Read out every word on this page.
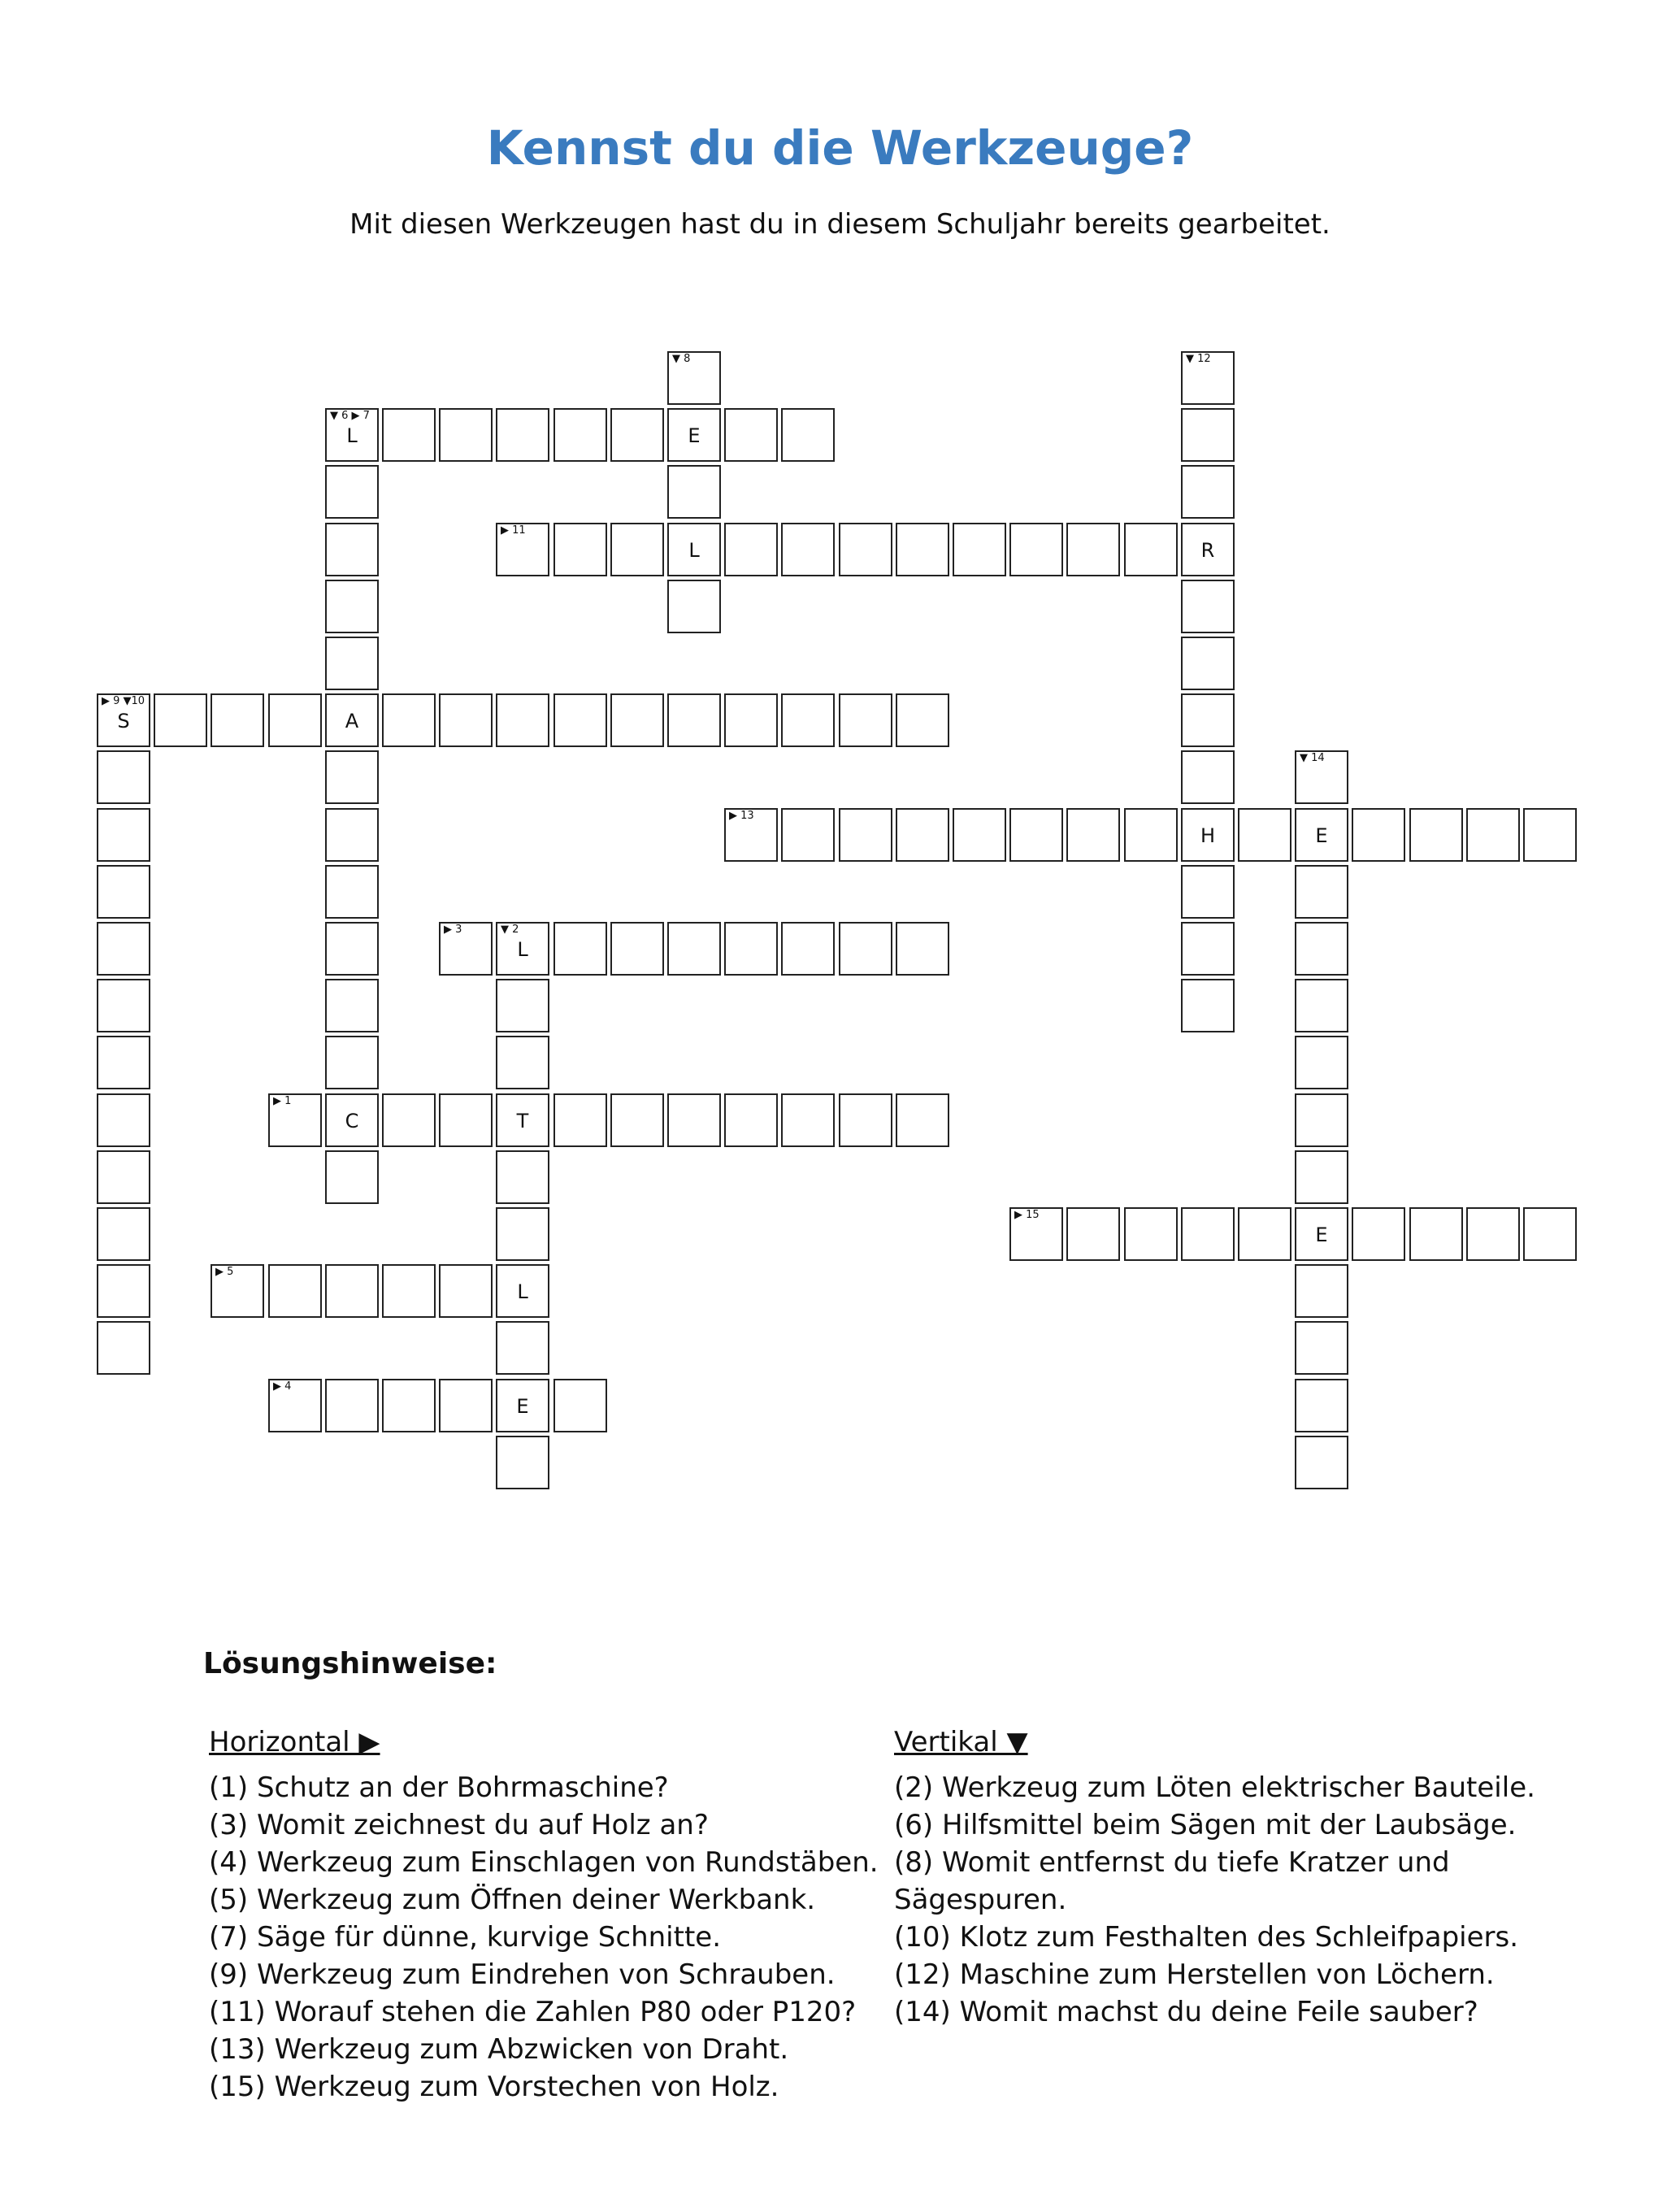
Kennst du die Werkzeuge?
Mit diesen Werkzeugen hast du in diesem Schuljahr bereits gearbeitet.
▼ 8	▼ 12
▼ 6 ▶ 7
L	E
▶ 11
L	R
▶ 9 ▼10
S	A
▼ 14
▶ 13
H	E
▶ 3	▼ 2
L
▶ 1
C	T
▶ 15
E
▶ 5
L
▶ 4
E
Lösungshinweise:
Horizontal ▶
(1) Schutz an der Bohrmaschine?
(3) Womit zeichnest du auf Holz an?
(4) Werkzeug zum Einschlagen von Rundstäben.
(5) Werkzeug zum Öffnen deiner Werkbank.
(7) Säge für dünne, kurvige Schnitte.
(9) Werkzeug zum Eindrehen von Schrauben.
(11) Worauf stehen die Zahlen P80 oder P120?
(13) Werkzeug zum Abzwicken von Draht.
(15) Werkzeug zum Vorstechen von Holz.
Vertikal ▼
(2) Werkzeug zum Löten elektrischer Bauteile.
(6) Hilfsmittel beim Sägen mit der Laubsäge.
(8) Womit entfernst du tiefe Kratzer und Sägespuren.
(10) Klotz zum Festhalten des Schleifpapiers.
(12) Maschine zum Herstellen von Löchern.
(14) Womit machst du deine Feile sauber?
